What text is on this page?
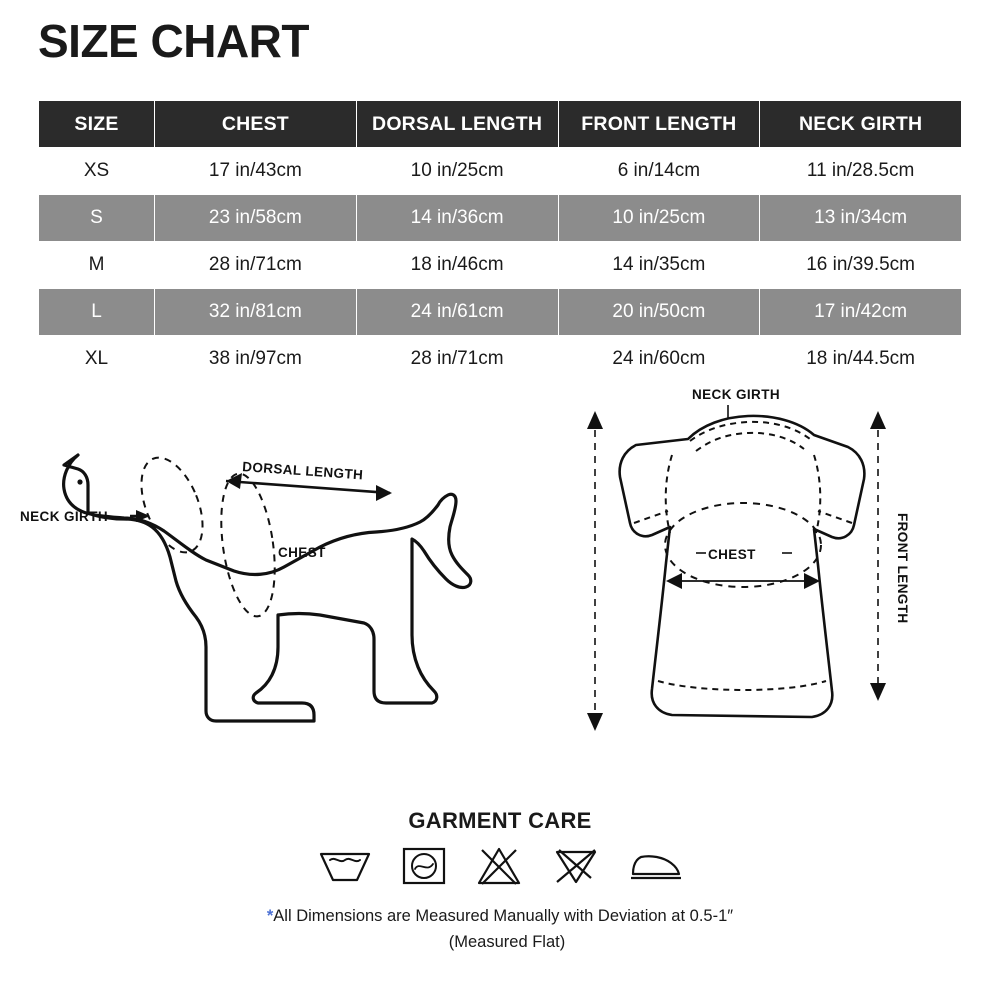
SIZE CHART
SIZE	CHEST	DORSAL LENGTH	FRONT LENGTH	NECK GIRTH
XS	17 in/43cm	10 in/25cm	6 in/14cm	11 in/28.5cm
S	23 in/58cm	14 in/36cm	10 in/25cm	13 in/34cm
M	28 in/71cm	18 in/46cm	14 in/35cm	16 in/39.5cm
L	32 in/81cm	24 in/61cm	20 in/50cm	17 in/42cm
XL	38 in/97cm	28 in/71cm	24 in/60cm	18 in/44.5cm
DORSAL LENGTH
NECK GIRTH
CHEST
NECK GIRTH
CHEST	FRONT LENGTH
GARMENT CARE
*All Dimensions are Measured Manually with Deviation at 0.5-1″
(Measured Flat)
